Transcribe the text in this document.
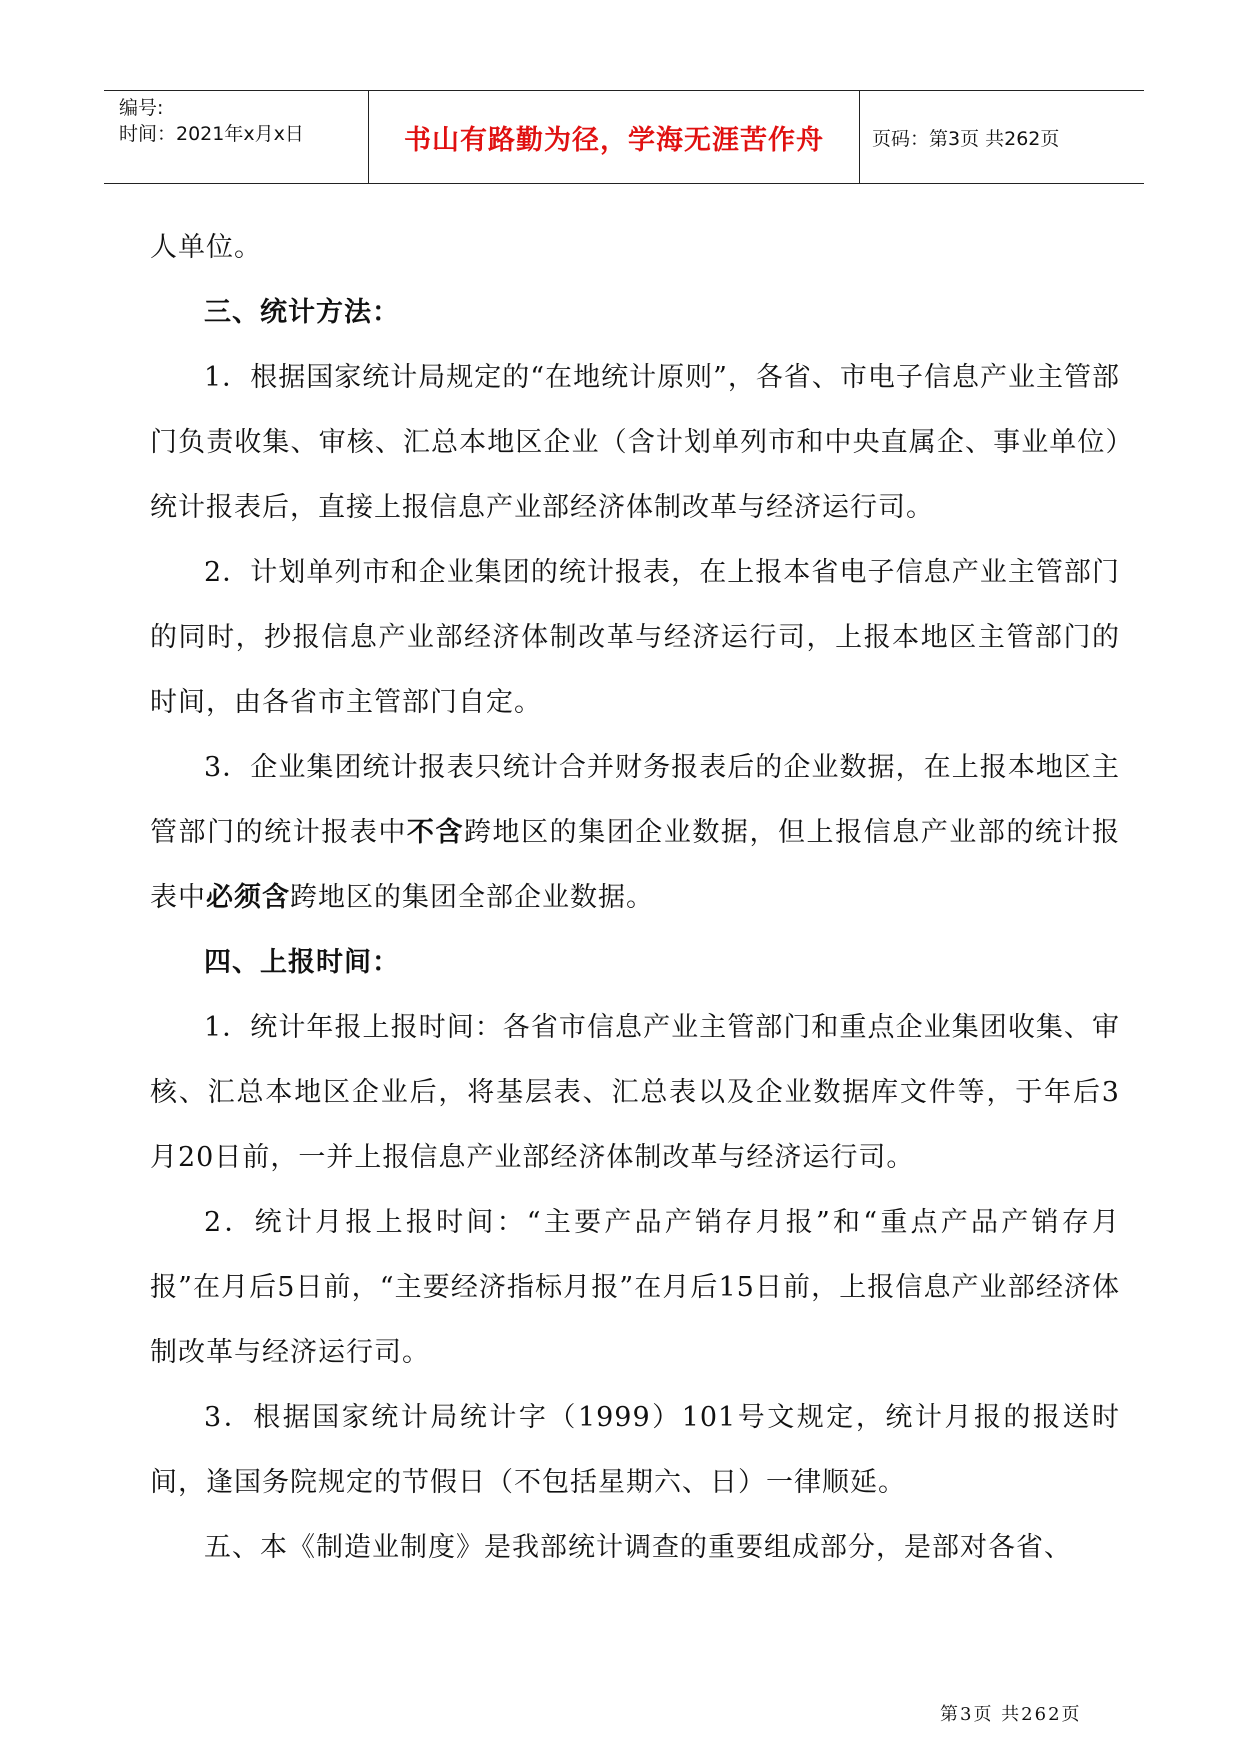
编号:
时间：2021年x月x日	书山有路勤为径，学海无涯苦作舟	页码：第3页 共262页

人单位。

三、统计方法：

1．根据国家统计局规定的“在地统计原则”，各省、市电子信息产业主管部门负责收集、审核、汇总本地区企业（含计划单列市和中央直属企、事业单位）统计报表后，直接上报信息产业部经济体制改革与经济运行司。

2．计划单列市和企业集团的统计报表，在上报本省电子信息产业主管部门的同时，抄报信息产业部经济体制改革与经济运行司，上报本地区主管部门的时间，由各省市主管部门自定。

3．企业集团统计报表只统计合并财务报表后的企业数据，在上报本地区主管部门的统计报表中不含跨地区的集团企业数据，但上报信息产业部的统计报表中必须含跨地区的集团全部企业数据。

四、上报时间：

1．统计年报上报时间：各省市信息产业主管部门和重点企业集团收集、审核、汇总本地区企业后，将基层表、汇总表以及企业数据库文件等，于年后3月20日前，一并上报信息产业部经济体制改革与经济运行司。

2．统计月报上报时间：“主要产品产销存月报”和“重点产品产销存月报”在月后5日前，“主要经济指标月报”在月后15日前，上报信息产业部经济体制改革与经济运行司。

3．根据国家统计局统计字（1999）101号文规定，统计月报的报送时间，逢国务院规定的节假日（不包括星期六、日）一律顺延。

五、本《制造业制度》是我部统计调查的重要组成部分，是部对各省、

第3页 共262页
